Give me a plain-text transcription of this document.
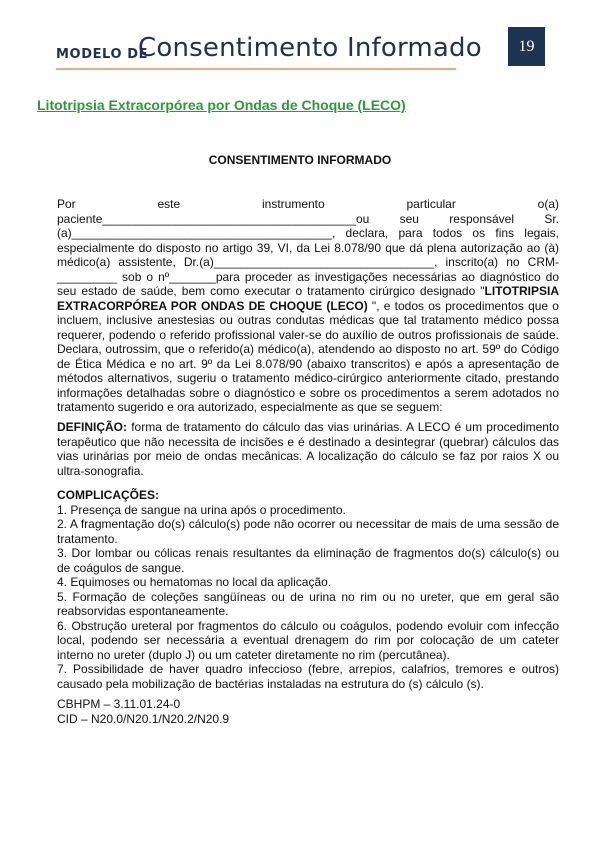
MODELO DE
Consentimento Informado	19
Litotripsia Extracorpórea por Ondas de Choque (LECO)
CONSENTIMENTO INFORMADO

Por este instrumento particular o(a) paciente______________________________________ou seu responsável Sr.(a)_______________________________________, declara, para todos os fins legais, especialmente do disposto no artigo 39, VI, da Lei 8.078/90 que dá plena autorização ao (à) médico(a) assistente, Dr.(a)_________________________________, inscrito(a) no CRM-_________ sob o nº_______para proceder as investigações necessárias ao diagnóstico do seu estado de saúde, bem como executar o tratamento cirúrgico designado "LITOTRIPSIA EXTRACORPÓREA POR ONDAS DE CHOQUE (LECO) ", e todos os procedimentos que o incluem, inclusive anestesias ou outras condutas médicas que tal tratamento médico possa requerer, podendo o referido profissional valer-se do auxílio de outros profissionais de saúde. Declara, outrossim, que o referido(a) médico(a), atendendo ao disposto no art. 59º do Código de Ética Médica e no art. 9º da Lei 8.078/90 (abaixo transcritos) e após a apresentação de métodos alternativos, sugeriu o tratamento médico-cirúrgico anteriormente citado, prestando informações detalhadas sobre o diagnóstico e sobre os procedimentos a serem adotados no tratamento sugerido e ora autorizado, especialmente as que se seguem:

DEFINIÇÃO: forma de tratamento do cálculo das vias urinárias. A LECO é um procedimento terapêutico que não necessita de incisões e é destinado a desintegrar (quebrar) cálculos das vias urinárias por meio de ondas mecânicas. A localização do cálculo se faz por raios X ou ultra-sonografia.

COMPLICAÇÕES:

1. Presença de sangue na urina após o procedimento.

2. A fragmentação do(s) cálculo(s) pode não ocorrer ou necessitar de mais de uma sessão de tratamento.

3. Dor lombar ou cólicas renais resultantes da eliminação de fragmentos do(s) cálculo(s) ou de coágulos de sangue.

4. Equimoses ou hematomas no local da aplicação.

5. Formação de coleções sangüíneas ou de urina no rim ou no ureter, que em geral são reabsorvidas espontaneamente.

6. Obstrução ureteral por fragmentos do cálculo ou coágulos, podendo evoluir com infecção local, podendo ser necessária a eventual drenagem do rim por colocação de um cateter interno no ureter (duplo J) ou um cateter diretamente no rim (percutânea).

7. Possibilidade de haver quadro infeccioso (febre, arrepios, calafrios, tremores e outros) causado pela mobilização de bactérias instaladas na estrutura do (s) cálculo (s).

CBHPM – 3.11.01.24-0

CID – N20.0/N20.1/N20.2/N20.9
